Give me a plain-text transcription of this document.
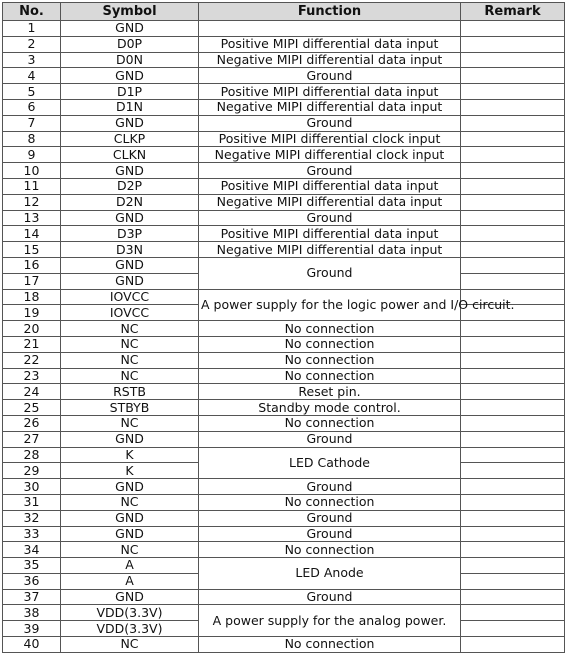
No.	Symbol	Function	Remark
1	GND		
2	D0P	Positive MIPI differential data input	
3	D0N	Negative MIPI differential data input	
4	GND	Ground	
5	D1P	Positive MIPI differential data input	
6	D1N	Negative MIPI differential data input	
7	GND	Ground	
8	CLKP	Positive MIPI differential clock input	
9	CLKN	Negative MIPI differential clock input	
10	GND	Ground	
11	D2P	Positive MIPI differential data input	
12	D2N	Negative MIPI differential data input	
13	GND	Ground	
14	D3P	Positive MIPI differential data input	
15	D3N	Negative MIPI differential data input	
16	GND	Ground	
17	GND		
18	IOVCC	A power supply for the logic power and I/O circuit.	
19	IOVCC		
20	NC	No connection	
21	NC	No connection	
22	NC	No connection	
23	NC	No connection	
24	RSTB	Reset pin.	
25	STBYB	Standby mode control.	
26	NC	No connection	
27	GND	Ground	
28	K	LED Cathode	
29	K		
30	GND	Ground	
31	NC	No connection	
32	GND	Ground	
33	GND	Ground	
34	NC	No connection	
35	A	LED Anode	
36	A		
37	GND	Ground	
38	VDD(3.3V)	A power supply for the analog power.	
39	VDD(3.3V)		
40	NC	No connection	
